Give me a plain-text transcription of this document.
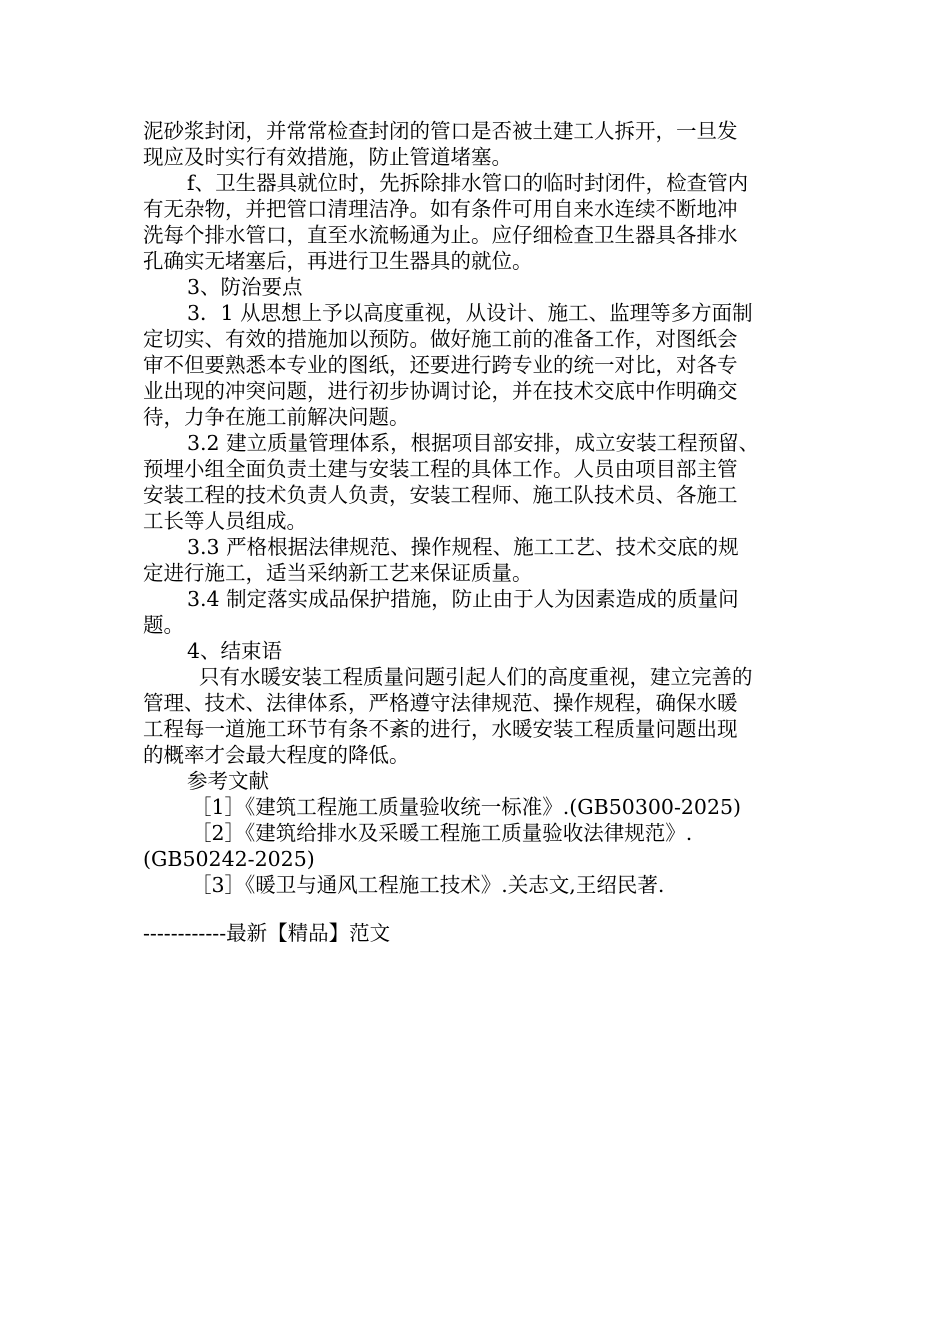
泥砂浆封闭，并常常检查封闭的管口是否被土建工人拆开，一旦发
现应及时实行有效措施，防止管道堵塞。
f、卫生器具就位时，先拆除排水管口的临时封闭件，检查管内
有无杂物，并把管口清理洁净。如有条件可用自来水连续不断地冲
洗每个排水管口，直至水流畅通为止。应仔细检查卫生器具各排水
孔确实无堵塞后，再进行卫生器具的就位。
3、防治要点
3．1 从思想上予以高度重视，从设计、施工、监理等多方面制
定切实、有效的措施加以预防。做好施工前的准备工作，对图纸会
审不但要熟悉本专业的图纸，还要进行跨专业的统一对比，对各专
业出现的冲突问题，进行初步协调讨论，并在技术交底中作明确交
待，力争在施工前解决问题。
3.2 建立质量管理体系，根据项目部安排，成立安装工程预留、
预埋小组全面负责土建与安装工程的具体工作。人员由项目部主管
安装工程的技术负责人负责，安装工程师、施工队技术员、各施工
工长等人员组成。
3.3 严格根据法律规范、操作规程、施工工艺、技术交底的规
定进行施工，适当采纳新工艺来保证质量。
3.4 制定落实成品保护措施，防止由于人为因素造成的质量问
题。
4、结束语
只有水暖安装工程质量问题引起人们的高度重视，建立完善的
管理、技术、法律体系，严格遵守法律规范、操作规程，确保水暖
工程每一道施工环节有条不紊的进行，水暖安装工程质量问题出现
的概率才会最大程度的降低。
参考文献
［1］《建筑工程施工质量验收统一标准》.(GB50300-2025)
［2］《建筑给排水及采暖工程施工质量验收法律规范》.
(GB50242-2025)
［3］《暖卫与通风工程施工技术》.关志文,王绍民著.
------------最新【精品】范文
